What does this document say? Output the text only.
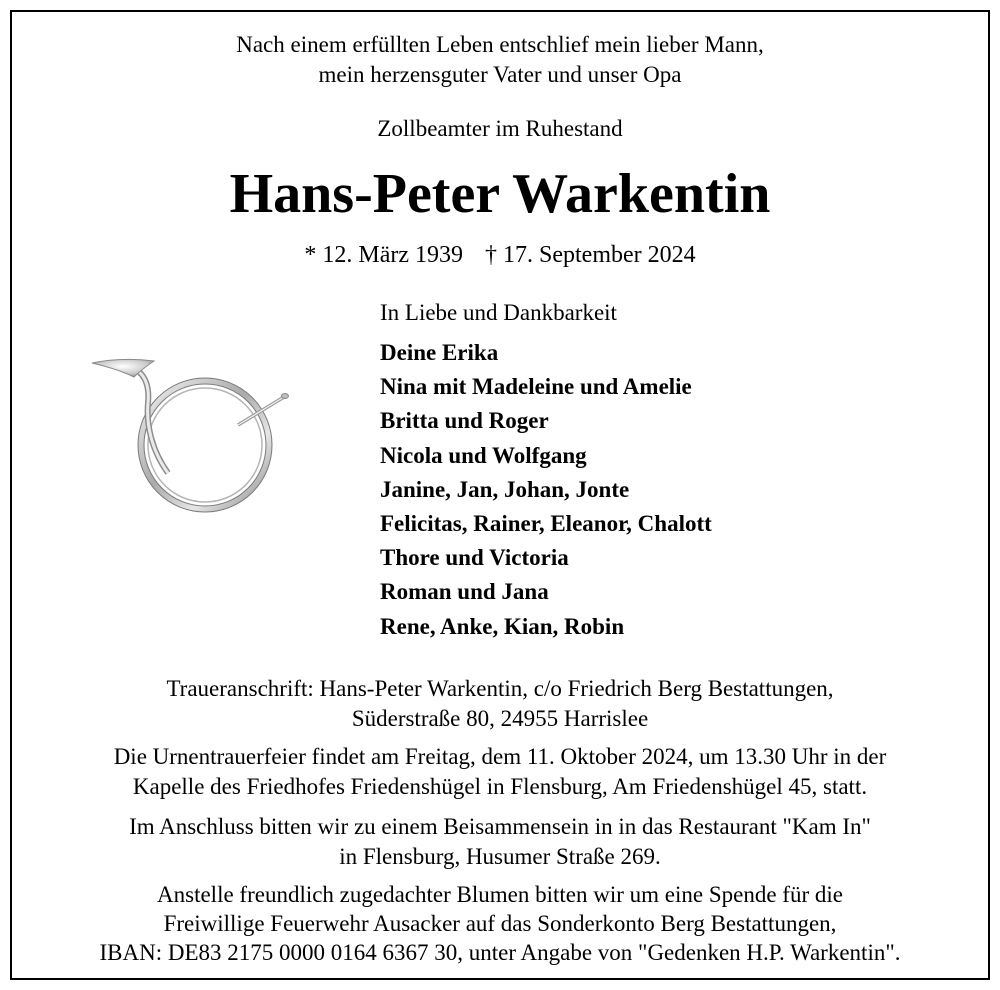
Nach einem erfüllten Leben entschlief mein lieber Mann,
mein herzensguter Vater und unser Opa
Zollbeamter im Ruhestand
Hans-Peter Warkentin
* 12. März 1939 † 17. September 2024
In Liebe und Dankbarkeit
Deine Erika
Nina mit Madeleine und Amelie
Britta und Roger
Nicola und Wolfgang
Janine, Jan, Johan, Jonte
Felicitas, Rainer, Eleanor, Chalott
Thore und Victoria
Roman und Jana
Rene, Anke, Kian, Robin
Traueranschrift: Hans-Peter Warkentin, c/o Friedrich Berg Bestattungen,
Süderstraße 80, 24955 Harrislee
Die Urnentrauerfeier findet am Freitag, dem 11. Oktober 2024, um 13.30 Uhr in der
Kapelle des Friedhofes Friedenshügel in Flensburg, Am Friedenshügel 45, statt.
Im Anschluss bitten wir zu einem Beisammensein in in das Restaurant "Kam In"
in Flensburg, Husumer Straße 269.
Anstelle freundlich zugedachter Blumen bitten wir um eine Spende für die
Freiwillige Feuerwehr Ausacker auf das Sonderkonto Berg Bestattungen,
IBAN: DE83 2175 0000 0164 6367 30, unter Angabe von "Gedenken H.P. Warkentin".
